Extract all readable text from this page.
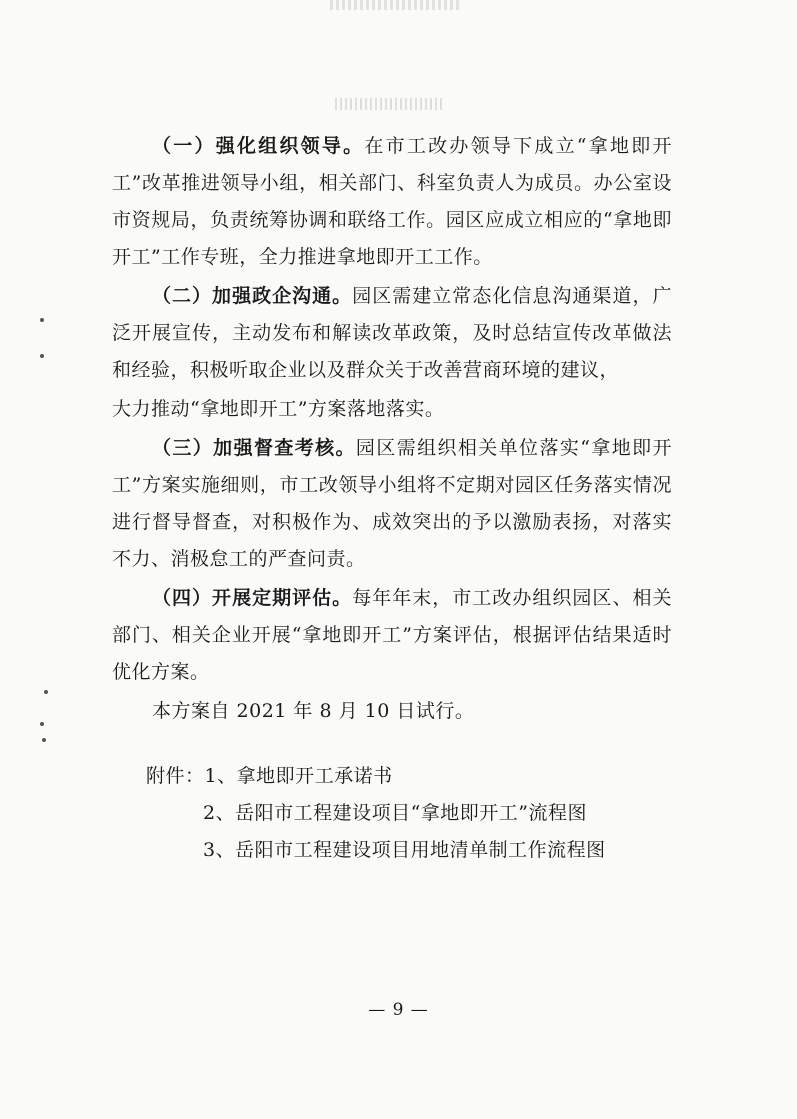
（一）强化组织领导。在市工改办领导下成立“拿地即开工”改革推进领导小组，相关部门、科室负责人为成员。办公室设市资规局，负责统筹协调和联络工作。园区应成立相应的“拿地即开工”工作专班，全力推进拿地即开工工作。

（二）加强政企沟通。园区需建立常态化信息沟通渠道，广泛开展宣传，主动发布和解读改革政策，及时总结宣传改革做法和经验，积极听取企业以及群众关于改善营商环境的建议，

大力推动“拿地即开工”方案落地落实。

（三）加强督查考核。园区需组织相关单位落实“拿地即开工”方案实施细则，市工改领导小组将不定期对园区任务落实情况进行督导督查，对积极作为、成效突出的予以激励表扬，对落实不力、消极怠工的严查问责。

（四）开展定期评估。每年年末，市工改办组织园区、相关部门、相关企业开展“拿地即开工”方案评估，根据评估结果适时优化方案。

本方案自 2021 年 8 月 10 日试行。

附件：1、拿地即开工承诺书
2、岳阳市工程建设项目“拿地即开工”流程图
3、岳阳市工程建设项目用地清单制工作流程图
— 9 —
